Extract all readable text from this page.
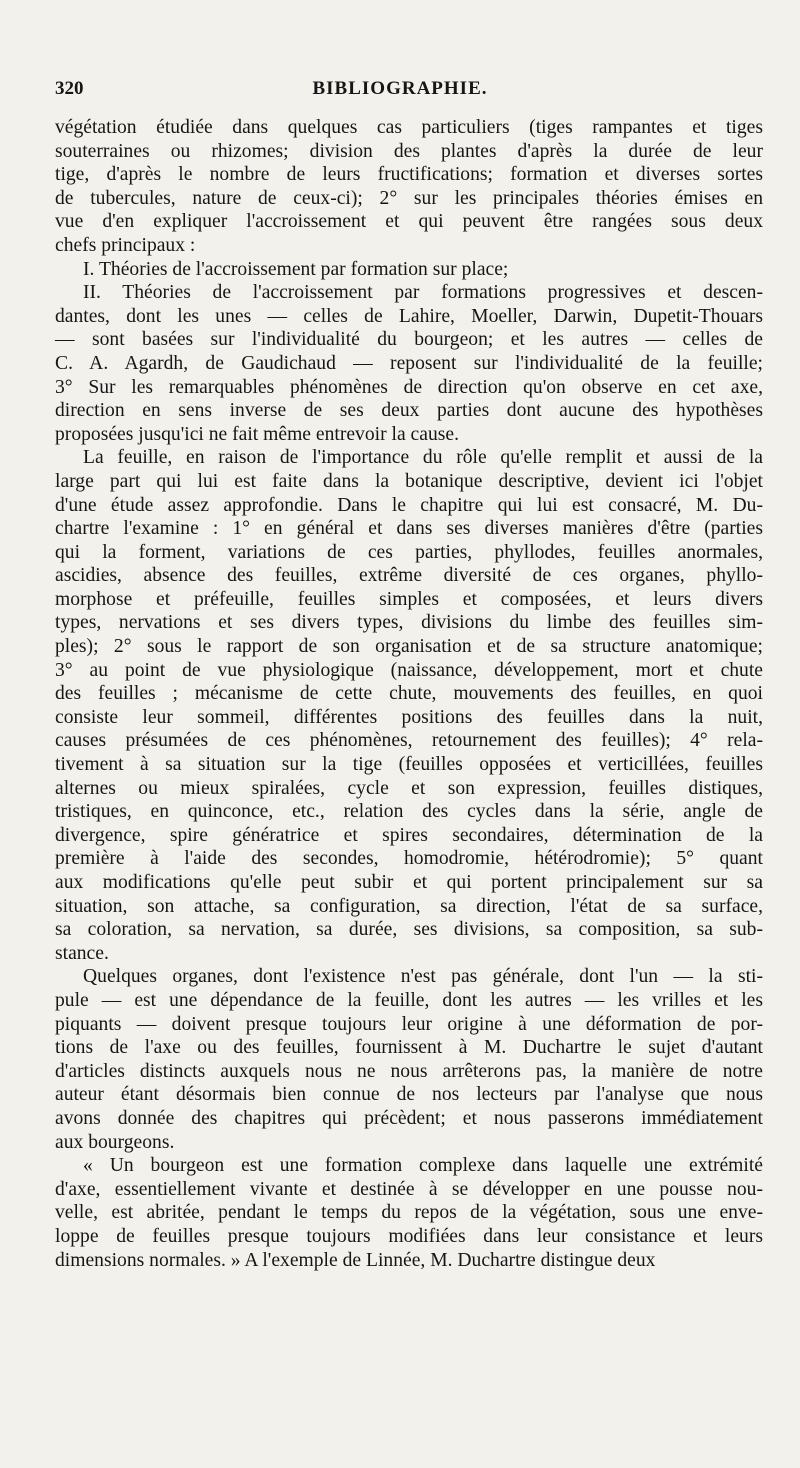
320	BIBLIOGRAPHIE.
végétation étudiée dans quelques cas particuliers (tiges rampantes et tiges
souterraines ou rhizomes; division des plantes d'après la durée de leur
tige, d'après le nombre de leurs fructifications; formation et diverses sortes
de tubercules, nature de ceux-ci); 2° sur les principales théories émises en
vue d'en expliquer l'accroissement et qui peuvent être rangées sous deux
chefs principaux :
I. Théories de l'accroissement par formation sur place;
II. Théories de l'accroissement par formations progressives et descen-
dantes, dont les unes — celles de Lahire, Moeller, Darwin, Dupetit-Thouars
— sont basées sur l'individualité du bourgeon; et les autres — celles de
C. A. Agardh, de Gaudichaud — reposent sur l'individualité de la feuille;
3° Sur les remarquables phénomènes de direction qu'on observe en cet axe,
direction en sens inverse de ses deux parties dont aucune des hypothèses
proposées jusqu'ici ne fait même entrevoir la cause.
La feuille, en raison de l'importance du rôle qu'elle remplit et aussi de la
large part qui lui est faite dans la botanique descriptive, devient ici l'objet
d'une étude assez approfondie. Dans le chapitre qui lui est consacré, M. Du-
chartre l'examine : 1° en général et dans ses diverses manières d'être (parties
qui la forment, variations de ces parties, phyllodes, feuilles anormales,
ascidies, absence des feuilles, extrême diversité de ces organes, phyllo-
morphose et préfeuille, feuilles simples et composées, et leurs divers
types, nervations et ses divers types, divisions du limbe des feuilles sim-
ples); 2° sous le rapport de son organisation et de sa structure anatomique;
3° au point de vue physiologique (naissance, développement, mort et chute
des feuilles ; mécanisme de cette chute, mouvements des feuilles, en quoi
consiste leur sommeil, différentes positions des feuilles dans la nuit,
causes présumées de ces phénomènes, retournement des feuilles); 4° rela-
tivement à sa situation sur la tige (feuilles opposées et verticillées, feuilles
alternes ou mieux spiralées, cycle et son expression, feuilles distiques,
tristiques, en quinconce, etc., relation des cycles dans la série, angle de
divergence, spire génératrice et spires secondaires, détermination de la
première à l'aide des secondes, homodromie, hétérodromie); 5° quant
aux modifications qu'elle peut subir et qui portent principalement sur sa
situation, son attache, sa configuration, sa direction, l'état de sa surface,
sa coloration, sa nervation, sa durée, ses divisions, sa composition, sa sub-
stance.
Quelques organes, dont l'existence n'est pas générale, dont l'un — la sti-
pule — est une dépendance de la feuille, dont les autres — les vrilles et les
piquants — doivent presque toujours leur origine à une déformation de por-
tions de l'axe ou des feuilles, fournissent à M. Duchartre le sujet d'autant
d'articles distincts auxquels nous ne nous arrêterons pas, la manière de notre
auteur étant désormais bien connue de nos lecteurs par l'analyse que nous
avons donnée des chapitres qui précèdent; et nous passerons immédiatement
aux bourgeons.
« Un bourgeon est une formation complexe dans laquelle une extrémité
d'axe, essentiellement vivante et destinée à se développer en une pousse nou-
velle, est abritée, pendant le temps du repos de la végétation, sous une enve-
loppe de feuilles presque toujours modifiées dans leur consistance et leurs
dimensions normales. » A l'exemple de Linnée, M. Duchartre distingue deux
